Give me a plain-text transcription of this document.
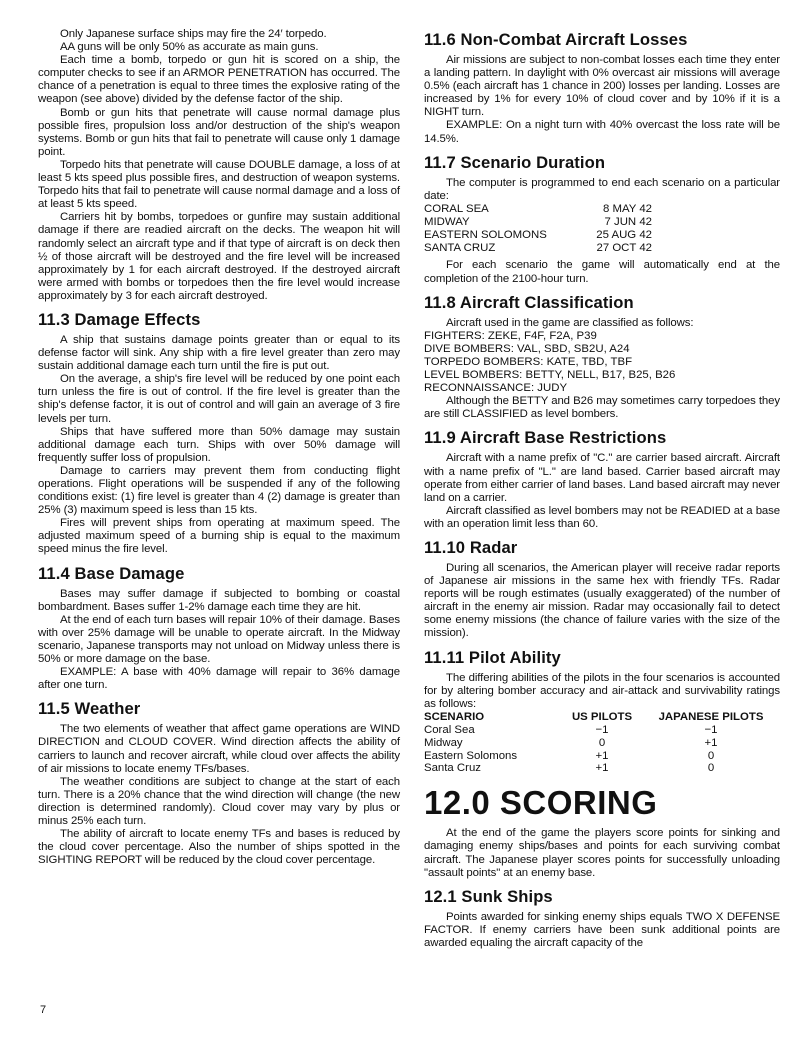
Only Japanese surface ships may fire the 24′ torpedo.

AA guns will be only 50% as accurate as main guns.

Each time a bomb, torpedo or gun hit is scored on a ship, the computer checks to see if an ARMOR PENETRATION has occurred. The chance of a penetration is equal to three times the explosive rating of the weapon (see above) divided by the defense factor of the ship.

Bomb or gun hits that penetrate will cause normal damage plus possible fires, propulsion loss and/or destruction of the ship's weapon systems. Bomb or gun hits that fail to penetrate will cause only 1 damage point.

Torpedo hits that penetrate will cause DOUBLE damage, a loss of at least 5 kts speed plus possible fires, and destruction of weapon systems. Torpedo hits that fail to penetrate will cause normal damage and a loss of at least 5 kts speed.

Carriers hit by bombs, torpedoes or gunfire may sustain additional damage if there are readied aircraft on the decks. The weapon hit will randomly select an aircraft type and if that type of aircraft is on deck then ½ of those aircraft will be destroyed and the fire level will be increased approximately by 1 for each aircraft destroyed. If the destroyed aircraft were armed with bombs or torpedoes then the fire level would increase approximately by 3 for each aircraft destroyed.

11.3 Damage Effects

A ship that sustains damage points greater than or equal to its defense factor will sink. Any ship with a fire level greater than zero may sustain additional damage each turn until the fire is put out.

On the average, a ship's fire level will be reduced by one point each turn unless the fire is out of control. If the fire level is greater than the ship's defense factor, it is out of control and will gain an average of 3 fire levels per turn.

Ships that have suffered more than 50% damage may sustain additional damage each turn. Ships with over 50% damage will frequently suffer loss of propulsion.

Damage to carriers may prevent them from conducting flight operations. Flight operations will be suspended if any of the following conditions exist: (1) fire level is greater than 4 (2) damage is greater than 25% (3) maximum speed is less than 15 kts.

Fires will prevent ships from operating at maximum speed. The adjusted maximum speed of a burning ship is equal to the maximum speed minus the fire level.

11.4 Base Damage

Bases may suffer damage if subjected to bombing or coastal bombardment. Bases suffer 1-2% damage each time they are hit.

At the end of each turn bases will repair 10% of their damage. Bases with over 25% damage will be unable to operate aircraft. In the Midway scenario, Japanese transports may not unload on Midway unless there is 50% or more damage on the base.

EXAMPLE: A base with 40% damage will repair to 36% damage after one turn.

11.5 Weather

The two elements of weather that affect game operations are WIND DIRECTION and CLOUD COVER. Wind direction affects the ability of carriers to launch and recover aircraft, while cloud over affects the ability of air missions to locate enemy TFs/bases.

The weather conditions are subject to change at the start of each turn. There is a 20% chance that the wind direction will change (the new direction is determined randomly). Cloud cover may vary by plus or minus 25% each turn.

The ability of aircraft to locate enemy TFs and bases is reduced by the cloud cover percentage. Also the number of ships spotted in the SIGHTING REPORT will be reduced by the cloud cover percentage.

11.6 Non-Combat Aircraft Losses

Air missions are subject to non-combat losses each time they enter a landing pattern. In daylight with 0% overcast air missions will average 0.5% (each aircraft has 1 chance in 200) losses per landing. Losses are increased by 1% for every 10% of cloud cover and by 10% if it is a NIGHT turn.

EXAMPLE: On a night turn with 40% overcast the loss rate will be 14.5%.

11.7 Scenario Duration

The computer is programmed to end each scenario on a particular date:

CORAL SEA	8 MAY 42
MIDWAY	7 JUN 42
EASTERN SOLOMONS	25 AUG 42
SANTA CRUZ	27 OCT 42

For each scenario the game will automatically end at the completion of the 2100-hour turn.

11.8 Aircraft Classification

Aircraft used in the game are classified as follows:

FIGHTERS: ZEKE, F4F, F2A, P39
DIVE BOMBERS: VAL, SBD, SB2U, A24
TORPEDO BOMBERS: KATE, TBD, TBF
LEVEL BOMBERS: BETTY, NELL, B17, B25, B26
RECONNAISSANCE: JUDY

Although the BETTY and B26 may sometimes carry torpedoes they are still CLASSIFIED as level bombers.

11.9 Aircraft Base Restrictions

Aircraft with a name prefix of "C." are carrier based aircraft. Aircraft with a name prefix of "L." are land based. Carrier based aircraft may operate from either carrier of land bases. Land based aircraft may never land on a carrier.

Aircraft classified as level bombers may not be READIED at a base with an operation limit less than 60.

11.10 Radar

During all scenarios, the American player will receive radar reports of Japanese air missions in the same hex with friendly TFs. Radar reports will be rough estimates (usually exaggerated) of the number of aircraft in the enemy air mission. Radar may occasionally fail to detect some enemy missions (the chance of failure varies with the size of the mission).

11.11 Pilot Ability

The differing abilities of the pilots in the four scenarios is accounted for by altering bomber accuracy and air-attack and survivability ratings as follows:

SCENARIO	US PILOTS	JAPANESE PILOTS
Coral Sea	−1	−1
Midway	0	+1
Eastern Solomons	+1	0
Santa Cruz	+1	0
12.0 SCORING

At the end of the game the players score points for sinking and damaging enemy ships/bases and points for each surviving combat aircraft. The Japanese player scores points for successfully unloading "assault points" at an enemy base.

12.1 Sunk Ships

Points awarded for sinking enemy ships equals TWO X DEFENSE FACTOR. If enemy carriers have been sunk additional points are awarded equaling the aircraft capacity of the

7
